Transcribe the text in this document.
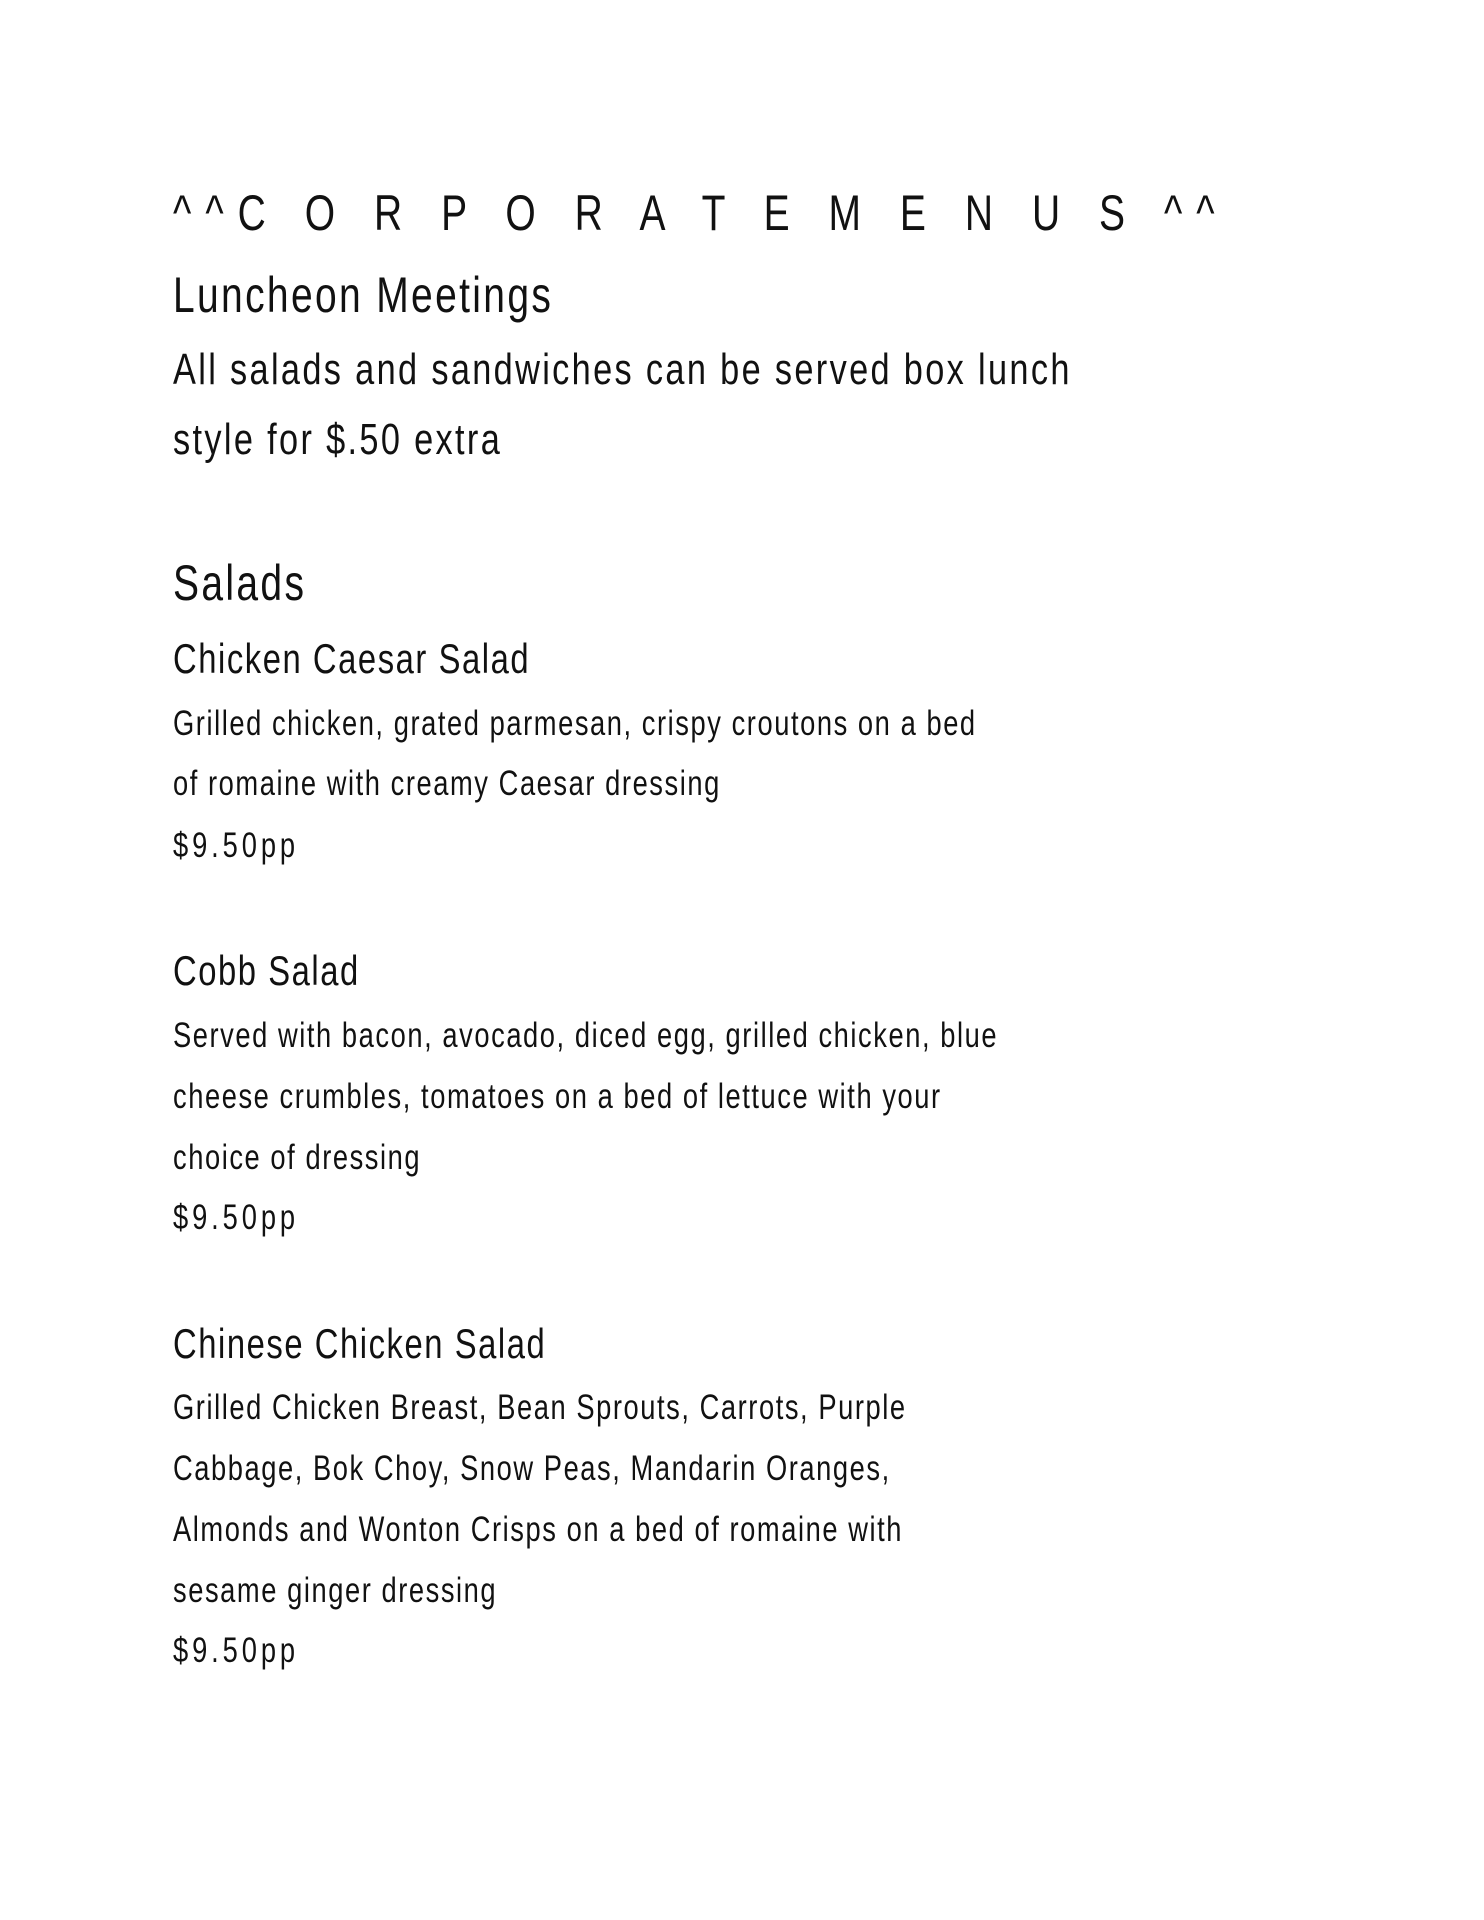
^^C O R P O R A T E M E N U S ^^
Luncheon Meetings
All salads and sandwiches can be served box lunch
style for $.50 extra
Salads
Chicken Caesar Salad
Grilled chicken, grated parmesan, crispy croutons on a bed
of romaine with creamy Caesar dressing
$9.50pp
Cobb Salad
Served with bacon, avocado, diced egg, grilled chicken, blue
cheese crumbles, tomatoes on a bed of lettuce with your
choice of dressing
$9.50pp
Chinese Chicken Salad
Grilled Chicken Breast, Bean Sprouts, Carrots, Purple
Cabbage, Bok Choy, Snow Peas, Mandarin Oranges,
Almonds and Wonton Crisps on a bed of romaine with
sesame ginger dressing
$9.50pp
